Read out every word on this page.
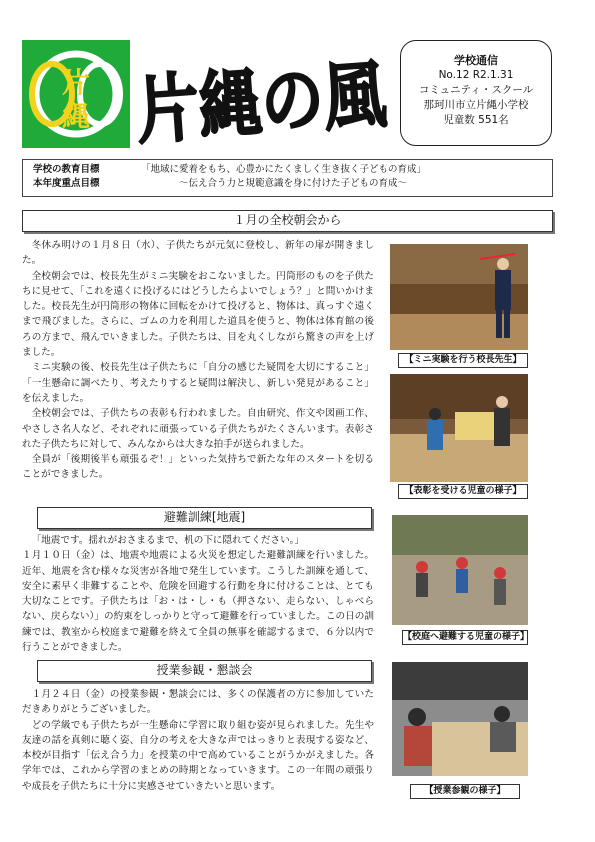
片
縄 片縄の風	学校通信
No.12 R2.1.31
コミュニティ・スクール
那珂川市立片縄小学校
児童数 551名
学校の教育目標	「地域に愛着をもち、心豊かにたくましく生き抜く子どもの育成」
本年度重点目標	〜伝え合う力と規範意識を身に付けた子どもの育成〜
１月の全校朝会から

冬休み明けの１月８日（水）、子供たちが元気に登校し、新年の扉が開きました。

全校朝会では、校長先生がミニ実験をおこないました。円筒形のものを子供たちに見せて、「これを遠くに投げるにはどうしたらよいでしょう？」と問いかけました。校長先生が円筒形の物体に回転をかけて投げると、物体は、真っすぐ遠くまで飛びました。さらに、ゴムの力を利用した道具を使うと、物体は体育館の後ろの方まで、飛んでいきました。子供たちは、目を丸くしながら驚きの声を上げました。

ミニ実験の後、校長先生は子供たちに「自分の感じた疑問を大切にすること」「一生懸命に調べたり、考えたりすると疑問は解決し、新しい発見があること」を伝えました。

全校朝会では、子供たちの表彰も行われました。自由研究、作文や図画工作、やさしさ名人など、それぞれに頑張っている子供たちがたくさんいます。表彰された子供たちに対して、みんなからは大きな拍手が送られました。

全員が「後期後半も頑張るぞ！」といった気持ちで新たな年のスタートを切ることができました。

【ミニ実験を行う校長先生】
【表彰を受ける児童の様子】
避難訓練[地震]

「地震です。揺れがおさまるまで、机の下に隠れてください。」

１月１０日（金）は、地震や地震による火災を想定した避難訓練を行いました。近年、地震を含む様々な災害が各地で発生しています。こうした訓練を通して、安全に素早く非難することや、危険を回避する行動を身に付けることは、とても大切なことです。子供たちは「お・は・し・も（押さない、走らない、しゃべらない、戻らない）」の約束をしっかりと守って避難を行っていました。この日の訓練では、教室から校庭まで避難を終えて全員の無事を確認するまで、６分以内で行うことができました。

【校庭へ避難する児童の様子】
授業参観・懇談会

１月２４日（金）の授業参観・懇談会には、多くの保護者の方に参加していただきありがとうございました。

どの学級でも子供たちが一生懸命に学習に取り組む姿が見られました。先生や友達の話を真剣に聴く姿、自分の考えを大きな声ではっきりと表現する姿など、本校が目指す「伝え合う力」を授業の中で高めていることがうかがえました。各学年では、これから学習のまとめの時期となっていきます。この一年間の頑張りや成長を子供たちに十分に実感させていきたいと思います。	【授業参観の様子】
